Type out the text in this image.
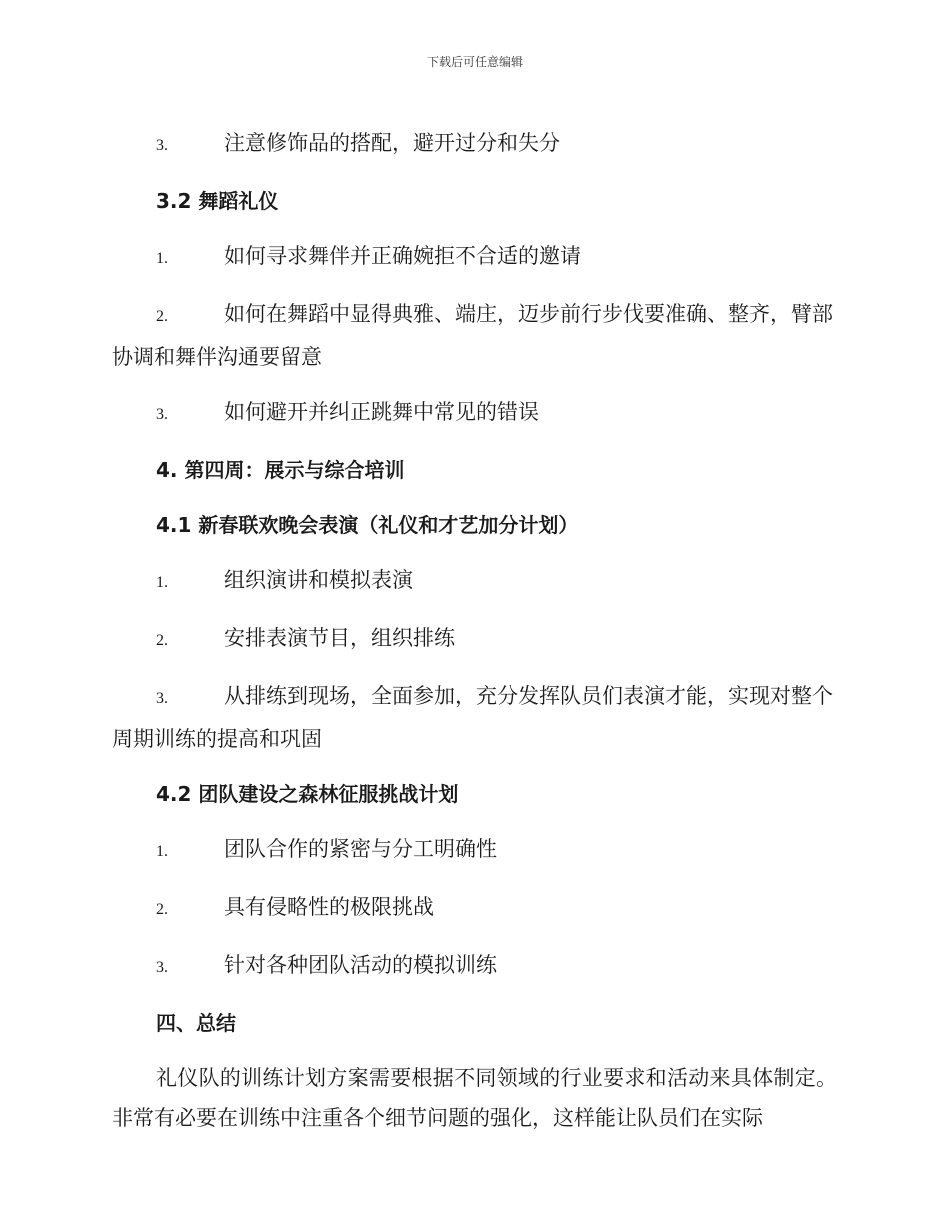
下载后可任意编辑

3.	注意修饰品的搭配，避开过分和失分

3.2 舞蹈礼仪

1.	如何寻求舞伴并正确婉拒不合适的邀请

2.	如何在舞蹈中显得典雅、端庄，迈步前行步伐要准确、整齐，臂部协调和舞伴沟通要留意

3.	如何避开并纠正跳舞中常见的错误

4. 第四周：展示与综合培训

4.1 新春联欢晚会表演（礼仪和才艺加分计划）

1.	组织演讲和模拟表演

2.	安排表演节目，组织排练

3.	从排练到现场，全面参加，充分发挥队员们表演才能，实现对整个周期训练的提高和巩固

4.2 团队建设之森林征服挑战计划

1.	团队合作的紧密与分工明确性

2.	具有侵略性的极限挑战

3.	针对各种团队活动的模拟训练

四、总结

礼仪队的训练计划方案需要根据不同领域的行业要求和活动来具体制定。非常有必要在训练中注重各个细节问题的强化，这样能让队员们在实际
